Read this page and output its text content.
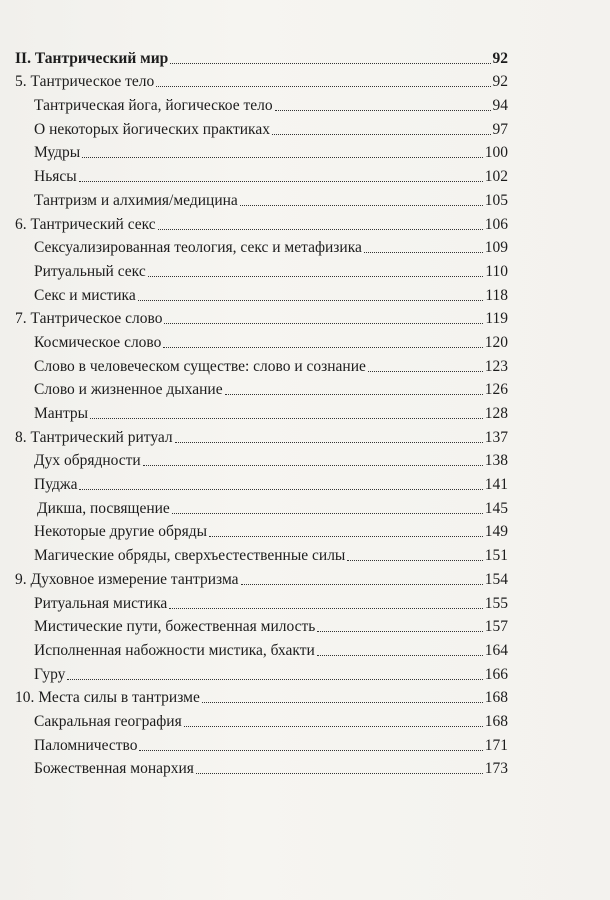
II. Тантрический мир	92
5. Тантрическое тело	92
Тантрическая йога, йогическое тело	94
О некоторых йогических практиках	97
Мудры	100
Ньясы	102
Тантризм и алхимия/медицина	105
6. Тантрический секс	106
Сексуализированная теология, секс и метафизика	109
Ритуальный секс	110
Секс и мистика	118
7. Тантрическое слово	119
Космическое слово	120
Слово в человеческом существе: слово и сознание	123
Слово и жизненное дыхание	126
Мантры	128
8. Тантрический ритуал	137
Дух обрядности	138
Пуджа	141
Дикша, посвящение	145
Некоторые другие обряды	149
Магические обряды, сверхъестественные силы	151
9. Духовное измерение тантризма	154
Ритуальная мистика	155
Мистические пути, божественная милость	157
Исполненная набожности мистика, бхакти	164
Гуру	166
10. Места силы в тантризме	168
Сакральная география	168
Паломничество	171
Божественная монархия	173
